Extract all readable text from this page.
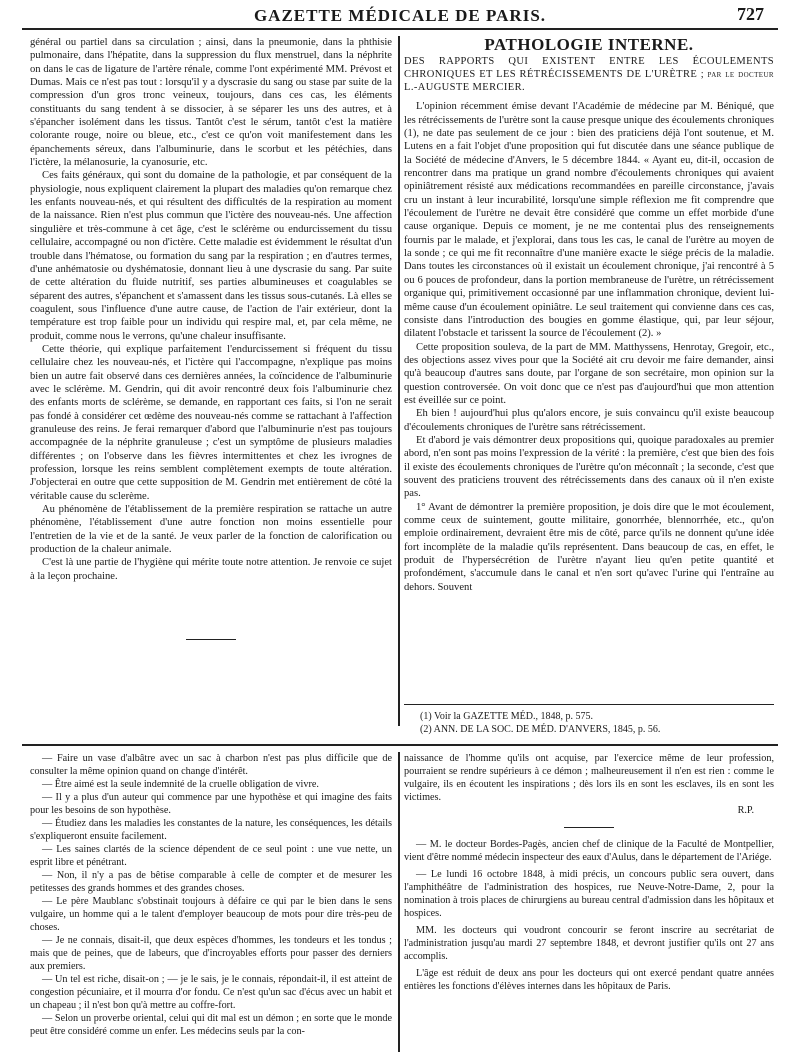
GAZETTE MÉDICALE DE PARIS.	727

général ou partiel dans sa circulation ; ainsi, dans la pneumonie, dans la phthisie pulmonaire, dans l'hépatite, dans la suppression du flux menstruel, dans la néphrite on dans le cas de ligature de l'artère rénale, comme l'ont expérimenté MM. Prévost et Dumas. Mais ce n'est pas tout : lorsqu'il y a dyscrasie du sang ou stase par suite de la compression d'un gros tronc veineux, toujours, dans ces cas, les éléments constituants du sang tendent à se dissocier, à se séparer les uns des autres, et à s'épancher isolément dans les tissus. Tantôt c'est le sérum, tantôt c'est la matière colorante rouge, noire ou bleue, etc., c'est ce qu'on voit manifestement dans les épanchements séreux, dans l'albuminurie, dans le scorbut et les pétéchies, dans l'ictère, la mélanosurie, la cyanosurie, etc.

Ces faits généraux, qui sont du domaine de la pathologie, et par conséquent de la physiologie, nous expliquent clairement la plupart des maladies qu'on remarque chez les enfants nouveau-nés, et qui résultent des difficultés de la respiration au moment de la naissance. Rien n'est plus commun que l'ictère des nouveau-nés. Une affection singulière et très-commune à cet âge, c'est le sclérème ou endurcissement du tissu cellulaire, accompagné ou non d'ictère. Cette maladie est évidemment le résultat d'un trouble dans l'hématose, ou formation du sang par la respiration ; en d'autres termes, d'une anhématosie ou dyshématosie, donnant lieu à une dyscrasie du sang. Par suite de cette altération du fluide nutritif, ses parties albumineuses et coagulables se séparent des autres, s'épanchent et s'amassent dans les tissus sous-cutanés. Là elles se coagulent, sous l'influence d'une autre cause, de l'action de l'air extérieur, dont la température est trop faible pour un individu qui respire mal, et, par cela même, ne produit, comme nous le verrons, qu'une chaleur insuffisante.

Cette théorie, qui explique parfaitement l'endurcissement si fréquent du tissu cellulaire chez les nouveau-nés, et l'ictère qui l'accompagne, n'explique pas moins bien un autre fait observé dans ces dernières années, la coïncidence de l'albuminurie avec le sclérème. M. Gendrin, qui dit avoir rencontré deux fois l'albuminurie chez des enfants morts de sclérème, se demande, en rapportant ces faits, si l'on ne serait pas fondé à considérer cet œdème des nouveau-nés comme se rattachant à l'affection granuleuse des reins. Je ferai remarquer d'abord que l'albuminurie n'est pas toujours accompagnée de la néphrite granuleuse ; c'est un symptôme de plusieurs maladies différentes ; on l'observe dans les fièvres intermittentes et chez les ivrognes de profession, lorsque les reins semblent complètement exempts de toute altération. J'objecterai en outre que cette supposition de M. Gendrin met entièrement de côté la véritable cause du sclerème.

Au phénomène de l'établissement de la première respiration se rattache un autre phénomène, l'établissement d'une autre fonction non moins essentielle pour l'entretien de la vie et de la santé. Je veux parler de la fonction de calorification ou production de la chaleur animale.

C'est là une partie de l'hygiène qui mérite toute notre attention. Je renvoie ce sujet à la leçon prochaine.

PATHOLOGIE INTERNE.
DES RAPPORTS QUI EXISTENT ENTRE LES ÉCOULEMENTS CHRONIQUES ET LES RÉTRÉCISSEMENTS DE L'URÈTRE ; par le docteur L.-AUGUSTE MERCIER.

L'opinion récemment émise devant l'Académie de médecine par M. Béniqué, que les rétrécissements de l'urètre sont la cause presque unique des écoulements chroniques (1), ne date pas seulement de ce jour : bien des praticiens déjà l'ont soutenue, et M. Lutens en a fait l'objet d'une proposition qui fut discutée dans une séance publique de la Société de médecine d'Anvers, le 5 décembre 1844. « Ayant eu, dit-il, occasion de rencontrer dans ma pratique un grand nombre d'écoulements chroniques qui avaient opiniâtrement résisté aux médications recommandées en pareille circonstance, j'avais cru un instant à leur incurabilité, lorsqu'une simple réflexion me fit comprendre que l'écoulement de l'urètre ne devait être considéré que comme un effet morbide d'une cause organique. Depuis ce moment, je ne me contentai plus des renseignements fournis par le malade, et j'explorai, dans tous les cas, le canal de l'urètre au moyen de la sonde ; ce qui me fit reconnaître d'une manière exacte le siége précis de la maladie. Dans toutes les circonstances où il existait un écoulement chronique, j'ai rencontré à 5 ou 6 pouces de profondeur, dans la portion membraneuse de l'urètre, un rétrécissement organique qui, primitivement occasionné par une inflammation chronique, devient lui-même cause d'un écoulement opiniâtre. Le seul traitement qui convienne dans ces cas, consiste dans l'introduction des bougies en gomme élastique, qui, par leur séjour, dilatent l'obstacle et tarissent la source de l'écoulement (2). »

Cette proposition souleva, de la part de MM. Matthyssens, Henrotay, Gregoir, etc., des objections assez vives pour que la Société ait cru devoir me faire demander, ainsi qu'à beaucoup d'autres sans doute, par l'organe de son secrétaire, mon opinion sur la question controversée. On voit donc que ce n'est pas d'aujourd'hui que mon attention est éveillée sur ce point.

Eh bien ! aujourd'hui plus qu'alors encore, je suis convaincu qu'il existe beaucoup d'écoulements chroniques de l'urètre sans rétrécissement.

Et d'abord je vais démontrer deux propositions qui, quoique paradoxales au premier abord, n'en sont pas moins l'expression de la vérité : la première, c'est que bien des fois il existe des écoulements chroniques de l'urètre qu'on méconnaît ; la seconde, c'est que souvent des praticiens trouvent des rétrécissements dans des canaux où il n'en existe pas.

1° Avant de démontrer la première proposition, je dois dire que le mot écoulement, comme ceux de suintement, goutte militaire, gonorrhée, blennorrhée, etc., qu'on emploie ordinairement, devraient être mis de côté, parce qu'ils ne donnent qu'une idée fort incomplète de la maladie qu'ils représentent. Dans beaucoup de cas, en effet, le produit de l'hypersécrétion de l'urètre n'ayant lieu qu'en petite quantité et profondément, s'accumule dans le canal et n'en sort qu'avec l'urine qui l'entraîne au dehors. Souvent

(1) Voir la GAZETTE MÉD., 1848, p. 575.
(2) ANN. DE LA SOC. DE MÉD. D'ANVERS, 1845, p. 56.

— Faire un vase d'albâtre avec un sac à charbon n'est pas plus difficile que de consulter la même opinion quand on change d'intérêt.

— Être aimé est la seule indemnité de la cruelle obligation de vivre.

— Il y a plus d'un auteur qui commence par une hypothèse et qui imagine des faits pour les besoins de son hypothèse.

— Étudiez dans les maladies les constantes de la nature, les conséquences, les détails s'expliqueront ensuite facilement.

— Les saines clartés de la science dépendent de ce seul point : une vue nette, un esprit libre et pénétrant.

— Non, il n'y a pas de bêtise comparable à celle de compter et de mesurer les petitesses des grands hommes et des grandes choses.

— Le père Maublanc s'obstinait toujours à défaire ce qui par le bien dans le sens vulgaire, un homme qui a le talent d'employer beaucoup de mots pour dire très-peu de choses.

— Je ne connais, disait-il, que deux espèces d'hommes, les tondeurs et les tondus ; mais que de peines, que de labeurs, que d'incroyables efforts pour passer des derniers aux premiers.

— Un tel est riche, disait-on ; — je le sais, je le connais, répondait-il, il est atteint de congestion pécuniaire, et il mourra d'or fondu. Ce n'est qu'un sac d'écus avec un habit et un chapeau ; il n'est bon qu'à mettre au coffre-fort.

— Selon un proverbe oriental, celui qui dit mal est un démon ; en sorte que le monde peut être considéré comme un enfer. Les médecins seuls par la con-

naissance de l'homme qu'ils ont acquise, par l'exercice même de leur profession, pourraient se rendre supérieurs à ce démon ; malheureusement il n'en est rien : comme le vulgaire, ils en écoutent les inspirations ; dès lors ils en sont les esclaves, ils en sont les victimes.

R.P.

— M. le docteur Bordes-Pagès, ancien chef de clinique de la Faculté de Montpellier, vient d'être nommé médecin inspecteur des eaux d'Aulus, dans le département de l'Ariége.

— Le lundi 16 octobre 1848, à midi précis, un concours public sera ouvert, dans l'amphithéâtre de l'administration des hospices, rue Neuve-Notre-Dame, 2, pour la nomination à trois places de chirurgiens au bureau central d'admission dans les hôpitaux et hospices.

MM. les docteurs qui voudront concourir se feront inscrire au secrétariat de l'administration jusqu'au mardi 27 septembre 1848, et devront justifier qu'ils ont 27 ans accomplis.

L'âge est réduit de deux ans pour les docteurs qui ont exercé pendant quatre années entières les fonctions d'élèves internes dans les hôpitaux de Paris.
